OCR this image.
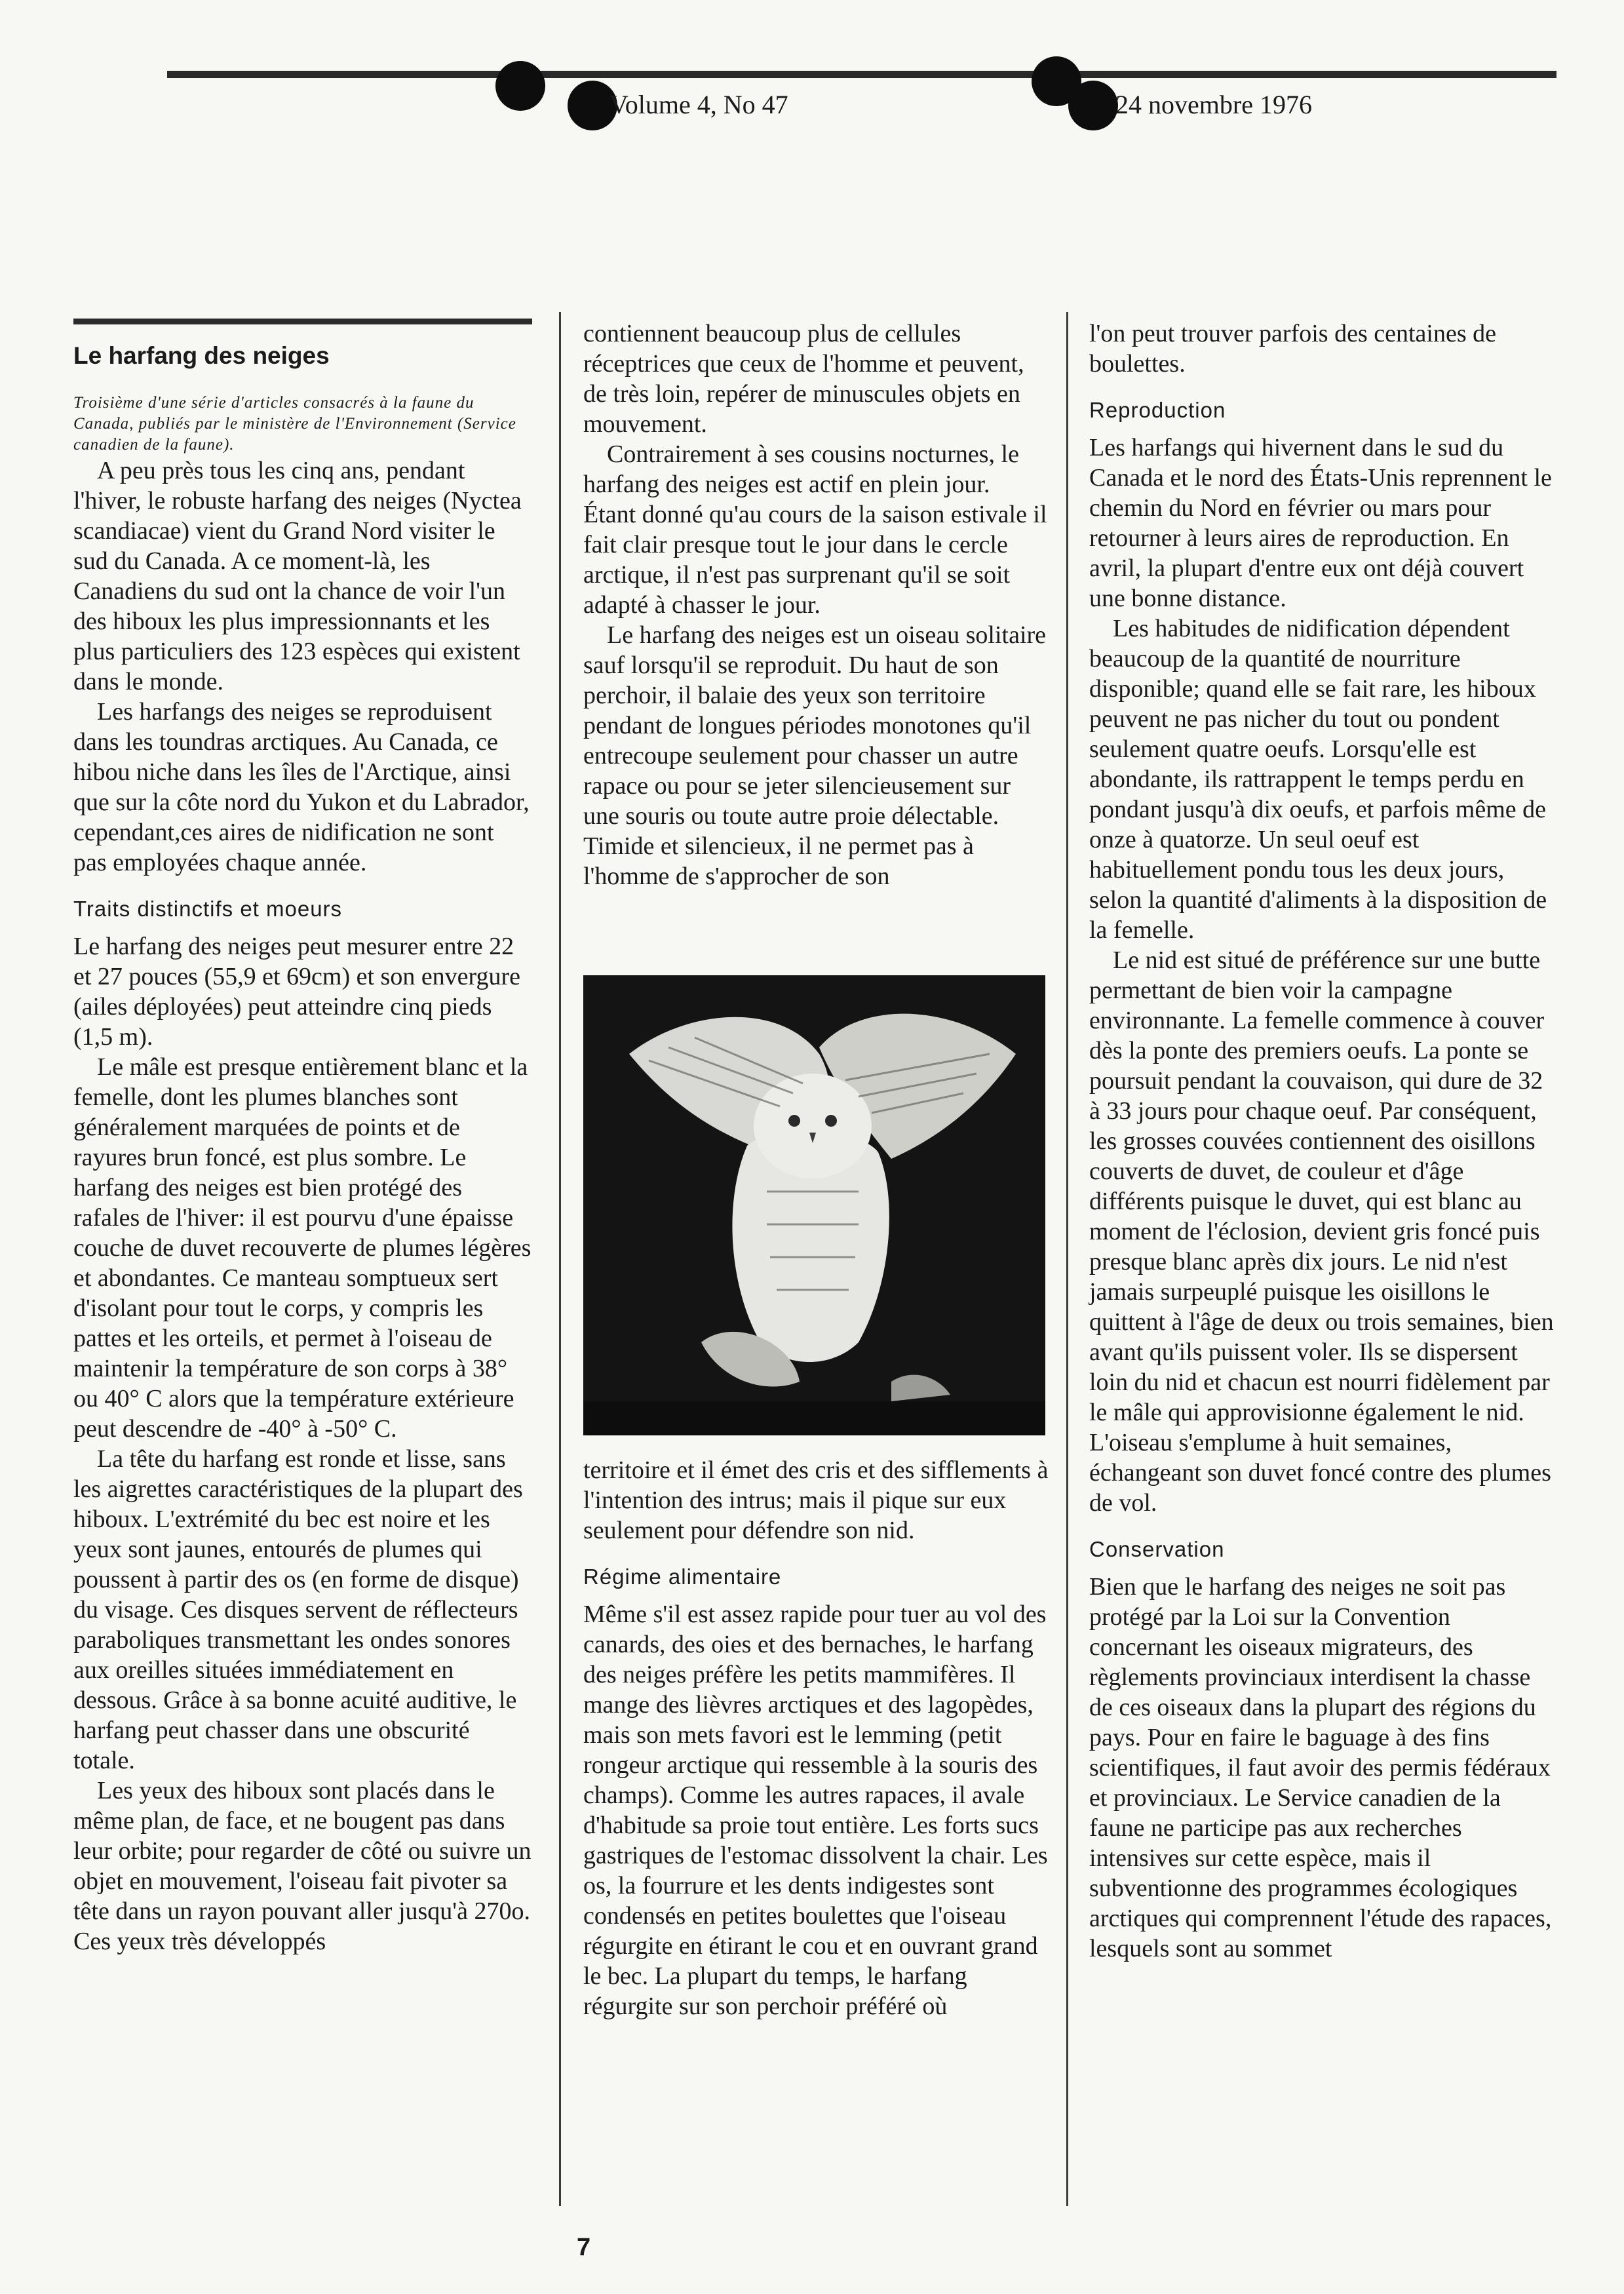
Volume 4, No 47	24 novembre 1976
Le harfang des neiges

Troisième d'une série d'articles consacrés à la faune du Canada, publiés par le ministère de l'Environnement (Service canadien de la faune).

A peu près tous les cinq ans, pendant l'hiver, le robuste harfang des neiges (Nyctea scandiacae) vient du Grand Nord visiter le sud du Canada. A ce moment-là, les Canadiens du sud ont la chance de voir l'un des hiboux les plus impressionnants et les plus particuliers des 123 espèces qui existent dans le monde.

Les harfangs des neiges se reproduisent dans les toundras arctiques. Au Canada, ce hibou niche dans les îles de l'Arctique, ainsi que sur la côte nord du Yukon et du Labrador, cependant,ces aires de nidification ne sont pas employées chaque année.

Traits distinctifs et moeurs

Le harfang des neiges peut mesurer entre 22 et 27 pouces (55,9 et 69cm) et son envergure (ailes déployées) peut atteindre cinq pieds (1,5 m).

Le mâle est presque entièrement blanc et la femelle, dont les plumes blanches sont généralement marquées de points et de rayures brun foncé, est plus sombre. Le harfang des neiges est bien protégé des rafales de l'hiver: il est pourvu d'une épaisse couche de duvet recouverte de plumes légères et abondantes. Ce manteau somptueux sert d'isolant pour tout le corps, y compris les pattes et les orteils, et permet à l'oiseau de maintenir la température de son corps à 38° ou 40° C alors que la température extérieure peut descendre de -40° à -50° C.

La tête du harfang est ronde et lisse, sans les aigrettes caractéristiques de la plupart des hiboux. L'extrémité du bec est noire et les yeux sont jaunes, entourés de plumes qui poussent à partir des os (en forme de disque) du visage. Ces disques servent de réflecteurs paraboliques transmettant les ondes sonores aux oreilles situées immédiatement en dessous. Grâce à sa bonne acuité auditive, le harfang peut chasser dans une obscurité totale.

Les yeux des hiboux sont placés dans le même plan, de face, et ne bougent pas dans leur orbite; pour regarder de côté ou suivre un objet en mouvement, l'oiseau fait pivoter sa tête dans un rayon pouvant aller jusqu'à 270o. Ces yeux très développés

contiennent beaucoup plus de cellules réceptrices que ceux de l'homme et peuvent, de très loin, repérer de minuscules objets en mouvement.

Contrairement à ses cousins nocturnes, le harfang des neiges est actif en plein jour. Étant donné qu'au cours de la saison estivale il fait clair presque tout le jour dans le cercle arctique, il n'est pas surprenant qu'il se soit adapté à chasser le jour.

Le harfang des neiges est un oiseau solitaire sauf lorsqu'il se reproduit. Du haut de son perchoir, il balaie des yeux son territoire pendant de longues périodes monotones qu'il entrecoupe seulement pour chasser un autre rapace ou pour se jeter silencieusement sur une souris ou toute autre proie délectable. Timide et silencieux, il ne permet pas à l'homme de s'approcher de son

territoire et il émet des cris et des sifflements à l'intention des intrus; mais il pique sur eux seulement pour défendre son nid.

Régime alimentaire

Même s'il est assez rapide pour tuer au vol des canards, des oies et des bernaches, le harfang des neiges préfère les petits mammifères. Il mange des lièvres arctiques et des lagopèdes, mais son mets favori est le lemming (petit rongeur arctique qui ressemble à la souris des champs). Comme les autres rapaces, il avale d'habitude sa proie tout entière. Les forts sucs gastriques de l'estomac dissolvent la chair. Les os, la fourrure et les dents indigestes sont condensés en petites boulettes que l'oiseau régurgite en étirant le cou et en ouvrant grand le bec. La plupart du temps, le harfang régurgite sur son perchoir préféré où

l'on peut trouver parfois des centaines de boulettes.

Reproduction

Les harfangs qui hivernent dans le sud du Canada et le nord des États-Unis reprennent le chemin du Nord en février ou mars pour retourner à leurs aires de reproduction. En avril, la plupart d'entre eux ont déjà couvert une bonne distance.

Les habitudes de nidification dépendent beaucoup de la quantité de nourriture disponible; quand elle se fait rare, les hiboux peuvent ne pas nicher du tout ou pondent seulement quatre oeufs. Lorsqu'elle est abondante, ils rattrappent le temps perdu en pondant jusqu'à dix oeufs, et parfois même de onze à quatorze. Un seul oeuf est habituellement pondu tous les deux jours, selon la quantité d'aliments à la disposition de la femelle.

Le nid est situé de préférence sur une butte permettant de bien voir la campagne environnante. La femelle commence à couver dès la ponte des premiers oeufs. La ponte se poursuit pendant la couvaison, qui dure de 32 à 33 jours pour chaque oeuf. Par conséquent, les grosses couvées contiennent des oisillons couverts de duvet, de couleur et d'âge différents puisque le duvet, qui est blanc au moment de l'éclosion, devient gris foncé puis presque blanc après dix jours. Le nid n'est jamais surpeuplé puisque les oisillons le quittent à l'âge de deux ou trois semaines, bien avant qu'ils puissent voler. Ils se dispersent loin du nid et chacun est nourri fidèlement par le mâle qui approvisionne également le nid. L'oiseau s'emplume à huit semaines, échangeant son duvet foncé contre des plumes de vol.

Conservation

Bien que le harfang des neiges ne soit pas protégé par la Loi sur la Convention concernant les oiseaux migrateurs, des règlements provinciaux interdisent la chasse de ces oiseaux dans la plupart des régions du pays. Pour en faire le baguage à des fins scientifiques, il faut avoir des permis fédéraux et provinciaux. Le Service canadien de la faune ne participe pas aux recherches intensives sur cette espèce, mais il subventionne des programmes écologiques arctiques qui comprennent l'étude des rapaces, lesquels sont au sommet

7
